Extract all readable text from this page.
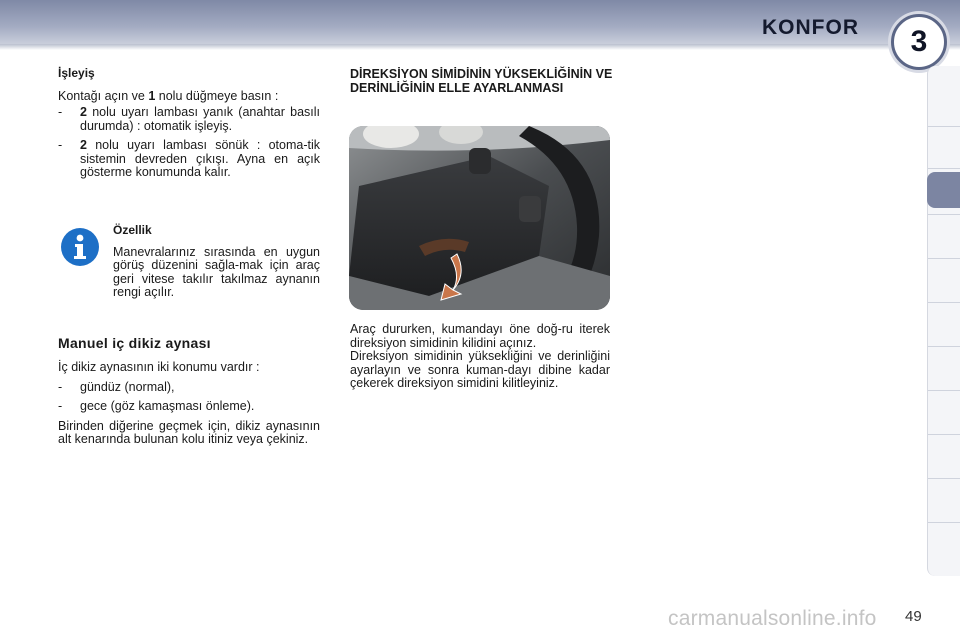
KONFOR	3

İşleyiş

Kontağı açın ve 1 nolu düğmeye basın :

- 2 nolu uyarı lambası yanık (anahtar basılı durumda) : otomatik işleyiş.

- 2 nolu uyarı lambası sönük : otoma-tik sistemin devreden çıkışı. Ayna en açık gösterme konumunda kalır.

Özellik

Manevralarınız sırasında en uygun görüş düzenini sağla-mak için araç geri vitese takılır takılmaz aynanın rengi açılır.

Manuel iç dikiz aynası

İç dikiz aynasının iki konumu vardır :

- gündüz (normal),

- gece (göz kamaşması önleme).

Birinden diğerine geçmek için, dikiz aynasının alt kenarında bulunan kolu itiniz veya çekiniz.

DİREKSİYON SİMİDİNİN YÜKSEKLİĞİNİN VE DERİNLİĞİNİN ELLE AYARLANMASI

Araç dururken, kumandayı öne doğ-ru iterek direksiyon simidinin kilidini açınız.

Direksiyon simidinin yüksekliğini ve derinliğini ayarlayın ve sonra kuman-dayı dibine kadar çekerek direksiyon simidini kilitleyiniz.

carmanualsonline.info 49
